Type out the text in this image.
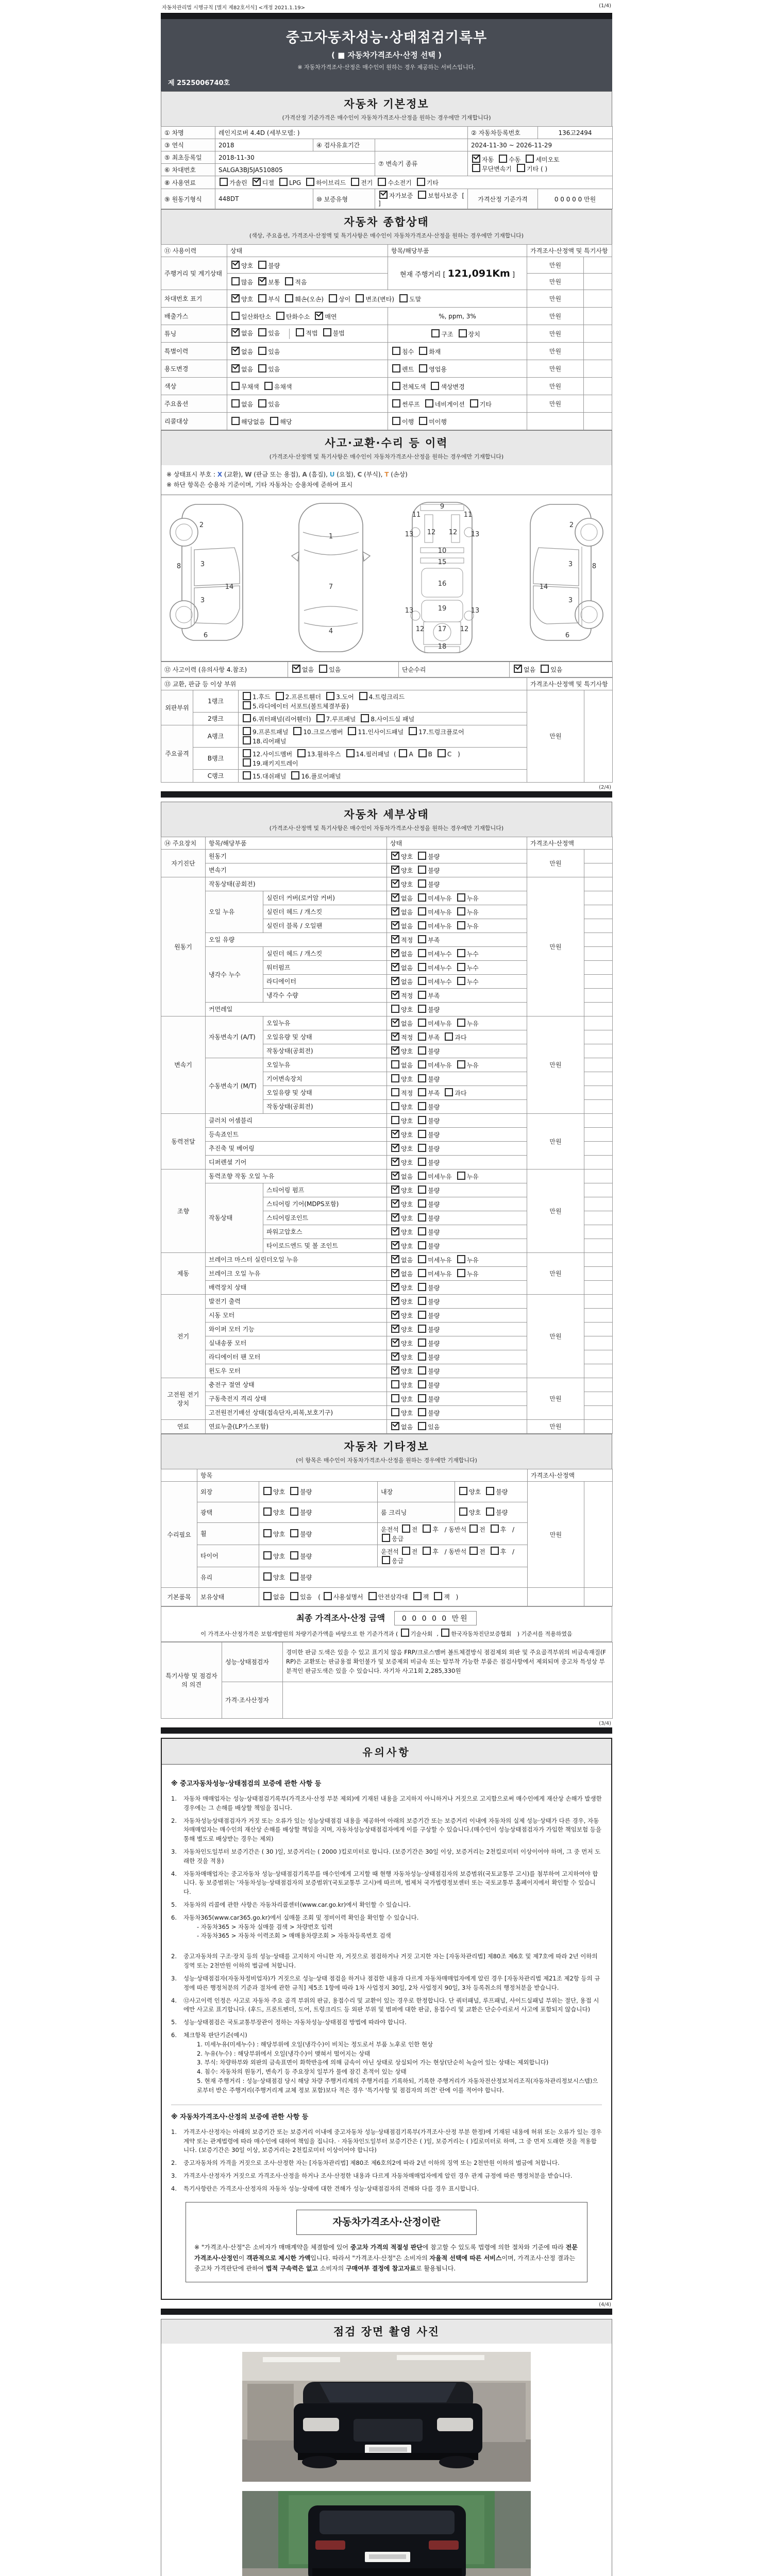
자동차관리법 시행규칙 [별지 제82호서식] <개정 2021.1.19>	(1/4)
중고자동차성능·상태점검기록부
( ■ 자동차가격조사·산정 선택 )
※ 자동차가격조사·산정은 매수인이 원하는 경우 제공하는 서비스입니다.
제 2525006740호
자동차 기본정보
(가격산정 기준가격은 매수인이 자동차가격조사·산정을 원하는 경우에만 기재합니다)
① 차명	레인지로버 4.4D (세부모델: )			② 자동차등록번호	136고2494
③ 연식	2018	④ 검사유효기간		2024-11-30 ~ 2026-11-29	
⑤ 최초등록일	2018-11-30		⑦ 변속기 종류	자동 수동 세미오토
무단변속기 기타 ( )	
⑥ 차대번호	SALGA3BJ5JA510805				
⑧ 사용연료	가솔린 디젤 LPG 하이브리드 전기 수소전기 기타				
⑨ 원동기형식	448DT	⑩ 보증유형	자가보증 보험사보증 [ ]	가격산정 기준가격	0 0 0 0 0 만원
자동차 종합상태
(색상, 주요옵션, 가격조사·산정액 및 특기사항은 매수인이 자동차가격조사·산정을 원하는 경우에만 기재합니다)
⑪ 사용이력	상태	항목/해당부품	가격조사·산정액 및 특기사항	
주행거리 및 계기상태	양호 불량	현재 주행거리 [ 121,091Km ]	만원	
	많음 보통 적음		만원	
차대번호 표기	양호 부식 훼손(오손) 상이 변조(변타) 도말		만원	
배출가스	일산화탄소 탄화수소 매연	%, ppm, 3%	만원	
튜닝	없음 있음 적법 불법	구조 장치	만원	
특별이력	없음 있음	침수 화재	만원	
용도변경	없음 있음	렌트 영업용	만원	
색상	무채색 유채색	전체도색 색상변경	만원	
주요옵션	없음 있음	썬루프 네비게이션 기타	만원	
리콜대상	해당없음 해당	이행 미이행		
사고·교환·수리 등 이력
(가격조사·산정액 및 특기사항은 매수인이 자동차가격조사·산정을 원하는 경우에만 기재합니다)
※ 상태표시 부호 : X (교환), W (판금 또는 용접), A (흠집), U (요철), C (부식), T (손상)
※ 하단 항목은 승용차 기준이며, 기타 자동차는 승용차에 준하여 표시
2
8	3
14
3
6
1
7
4
9
11	11
13	13
12 12
10
15
16
19
13	13
12	12
17
18
2
8
3
14
3
6
⑫ 사고이력 (유의사항 4.참조)	없음 있음	단순수리	없음 있음
⑬ 교환, 판금 등 이상 부위			가격조사·산정액 및 특기사항	
외판부위	1랭크	1.후드 2.프론트휀더 3.도어 4.트렁크리드
5.라디에이터 서포트(볼트체결부품)	만원	
	2랭크	6.쿼터패널(리어휀더) 7.루프패널 8.사이드실 패널		
주요골격	A랭크	9.프론트패널 10.크로스멤버 11.인사이드패널 17.트렁크플로어
18.리어패널		
	B랭크	12.사이드멤버 13.휠하우스 14.필러패널 ( A B C )
19.패키지트레이		
	C랭크	15.대쉬패널 16.플로어패널		
(2/4)
자동차 세부상태
(가격조사·산정액 및 특기사항은 매수인이 자동차가격조사·산정을 원하는 경우에만 기재합니다)
⑭ 주요장치	항목/해당부품		상태	가격조사·산정액	
자기진단	원동기		양호 불량	만원	
	변속기		양호 불량		
원동기	작동상태(공회전)		양호 불량	만원	
	오일 누유	실린더 커버(로커암 커버)	없음 미세누유 누유		
		실린더 헤드 / 개스킷	없음 미세누유 누유		
		실린더 블록 / 오일팬	없음 미세누유 누유		
	오일 유량		적정 부족		
	냉각수 누수	실린더 헤드 / 개스킷	없음 미세누수 누수		
		워터펌프	없음 미세누수 누수		
		라디에이터	없음 미세누수 누수		
		냉각수 수량	적정 부족		
	커먼레일		양호 불량		
변속기	자동변속기 (A/T)	오일누유	없음 미세누유 누유	만원	
		오일유량 및 상태	적정 부족 과다		
		작동상태(공회전)	양호 불량		
	수동변속기 (M/T)	오일누유	없음 미세누유 누유		
		기어변속장치	양호 불량		
		오일유량 및 상태	적정 부족 과다		
		작동상태(공회전)	양호 불량		
동력전달	클러치 어셈블리		양호 불량	만원	
	등속죠인트		양호 불량		
	추진축 및 베어링		양호 불량		
	디퍼렌셜 기어		양호 불량		
조향	동력조향 작동 오일 누유		없음 미세누유 누유	만원	
	작동상태	스티어링 펌프	양호 불량		
		스티어링 기어(MDPS포함)	양호 불량		
		스티어링조인트	양호 불량		
		파워고압호스	양호 불량		
		타이로드엔드 및 볼 조인트	양호 불량		
제동	브레이크 마스터 실린더오일 누유		없음 미세누유 누유	만원	
	브레이크 오일 누유		없음 미세누유 누유		
	배력장치 상태		양호 불량		
전기	발전기 출력		양호 불량	만원	
	시동 모터		양호 불량		
	와이퍼 모터 기능		양호 불량		
	실내송풍 모터		양호 불량		
	라디에이터 팬 모터		양호 불량		
	윈도우 모터		양호 불량		
고전원 전기장치	충전구 절연 상태		양호 불량	만원	
	구동축전지 격리 상태		양호 불량		
	고전원전기배선 상태(접속단자,피복,보호기구)		양호 불량		
연료	연료누출(LP가스포함)		없음 있음	만원	
자동차 기타정보
(이 항목은 매수인이 자동차가격조사·산정을 원하는 경우에만 기재합니다)
	항목				가격조사·산정액	
수리필요	외장	양호 불량	내장	양호 불량	만원	
	광택	양호 불량	룸 크리닝	양호 불량		
	휠	양호 불량	운전석 전 후 / 동반석 전 후 / 응급			
	타이어	양호 불량	운전석 전 후 / 동반석 전 후 / 응급			
	유리	양호 불량				
기본품목	보유상태	없음 있음 ( 사용설명서 안전삼각대 잭 잭 )				
최종 가격조사·산정 금액 0 0 0 0 0 만원
이 가격조사·산정가격은 보험개발원의 차량기준가액을 바탕으로 한 기준가격과 ( 기술사회 , 한국자동차진단보증협회 ) 기준서를 적용하였음
특기사항 및 점검자의 의견	성능·상태점검자	경미한 판금 도색은 있을 수 있고 표기치 않음 FRP/크로스멤버 볼트체결방식 점검제외 외판 및 주요골격부위의 비금속재질(FRP)은 교환또는 판금용접 확인불가 및 보증제외 비금속 또는 탈부착 가능한 부품은 점검사항에서 제외되며 중고차 특성상 부분적인 판금도색은 있을 수 있습니다. 자기차 사고1회 2,285,330원
	가격·조사산정자	
(3/4)
유의사항
※ 중고자동차성능·상태점검의 보증에 관한 사항 등
1.	자동차 매매업자는 성능·상태점검기록부(가격조사·산정 부분 제외)에 기재된 내용을 고지하지 아니하거나 거짓으로 고지함으로써 매수인에게 재산상 손해가 발생한 경우에는 그 손해를 배상할 책임을 집니다.
2.	자동차성능상태점검자가 거짓 또는 오류가 있는 성능상태점검 내용을 제공하여 아래의 보증기간 또는 보증거리 이내에 자동차의 실제 성능·상태가 다른 경우, 자동차매매업자는 매수인의 재산상 손해를 배상할 책임을 지며, 자동차성능상태점검자에게 이를 구상할 수 있습니다.(매수인이 성능상태점검자가 가입한 책임보험 등을 통해 별도로 배상받는 경우는 제외)
3.	자동차인도일부터 보증기간은 ( 30 )일, 보증거리는 ( 2000 )킬로미터로 합니다. (보증기간은 30일 이상, 보증거리는 2천킬로미터 이상이어야 하며, 그 중 먼저 도래한 것을 적용)
4.	자동차매매업자는 중고자동차 성능·상태점검기록부를 매수인에게 고지할 때 현행 자동차성능·상태점검자의 보증범위(국토교통부 고시)를 첨부하여 고지하여야 합니다. 동 보증범위는 '자동차성능·상태점검자의 보증범위'(국토교통부 고시)에 따르며, 법제처 국가법령정보센터 또는 국토교통부 홈페이지에서 확인할 수 있습니다.
5.	자동차의 리콜에 관한 사항은 자동차리콜센터(www.car.go.kr)에서 확인할 수 있습니다.
6.	자동차365(www.car365.go.kr)에서 실매물 조회 및 정비이력 확인을 확인할 수 있습니다.
- 자동차365 > 자동차 실매물 검색 > 차량번호 입력
- 자동차365 > 자동차 이력조회 > 매매용차량조회 > 자동차등록번호 검색
2.	중고자동차의 구조·장치 등의 성능·상태를 고지하지 아니한 자, 거짓으로 점검하거나 거짓 고지한 자는 [자동차관리법] 제80조 제6호 및 제7호에 따라 2년 이하의 징역 또는 2천만원 이하의 벌금에 처합니다.
3.	성능·상태점검자(자동차정비업자)가 거짓으로 성능·상태 점검을 하거나 점검한 내용과 다르게 자동차매매업자에게 알린 경우 [자동차관리법 제21조 제2항 등의 규정에 따른 행정처분의 기준과 절차에 관한 규칙] 제5조 1항에 따라 1차 사업정지 30일, 2차 사업정지 90일, 3차 등록취소의 행정처분을 받습니다.
4.	⑫사고이력 인정은 사고로 자동차 주요 골격 부위의 판금, 용접수리 및 교환이 있는 경우로 한정합니다. 단 쿼터패널, 루프패널, 사이드실패널 부위는 절단, 용접 시에만 사고로 표기합니다. (후드, 프론트펜더, 도어, 트렁크리드 등 외판 부위 및 범퍼에 대한 판금, 용접수리 및 교환은 단순수리로서 사고에 포함되지 않습니다)
5.	성능·상태점검은 국토교통부장관이 정하는 자동차성능·상태점검 방법에 따라야 합니다.
6.	체크항목 판단기준(예시)
1. 미세누유(미세누수) : 해당부위에 오일(냉각수)이 비치는 정도로서 부품 노후로 인한 현상
2. 누유(누수) : 해당부위에서 오일(냉각수)이 맺혀서 떨어지는 상태
3. 부식: 차량하부와 외판의 금속표면이 화학반응에 의해 금속이 아닌 상태로 상실되어 가는 현상(단순히 녹슬어 있는 상태는 제외합니다)
4. 침수: 자동차의 원동기, 변속기 등 주요장치 일부가 물에 잠긴 흔적이 있는 상태
5. 현재 주행거리 : 성능·상태점검 당시 해당 차량 주행거리계의 주행거리를 기록하되, 기록한 주행거리가 자동차전산정보처리조직(자동차관리정보시스템)으로부터 받은 주행거리(주행거리계 교체 정보 포함)보다 적은 경우 '특기사항 및 점검자의 의견' 란에 이를 적어야 합니다.
※ 자동차가격조사·산정의 보증에 관한 사항 등
1.	가격조사·산정자는 아래의 보증기간 또는 보증거리 이내에 중고자동차 성능·상태점검기록부(가격조사·산정 부분 한정)에 기재된 내용에 허위 또는 오류가 있는 경우 계약 또는 관계법령에 따라 매수인에 대하여 책임을 집니다. · 자동차인도일부터 보증기간은 ( )일, 보증거리는 ( )킬로미터로 하며, 그 중 먼저 도래한 것을 적용합니다. (보증기간은 30일 이상, 보증거리는 2천킬로미터 이상이어야 합니다)
2.	중고자동차의 가격을 거짓으로 조사·산정한 자는 [자동차관리법] 제80조 제6호의2에 따라 2년 이하의 징역 또는 2천만원 이하의 벌금에 처합니다.
3.	가격조사·산정자가 거짓으로 가격조사·산정을 하거나 조사·산정한 내용과 다르게 자동차매매업자에게 알린 경우 관계 규정에 따른 행정처분을 받습니다.
4.	특기사항란은 가격조사·산정자의 자동차 성능·상태에 대한 견해가 성능·상태점검자의 견해와 다를 경우 표시합니다.
자동차가격조사·산정이란
※ "가격조사·산정"은 소비자가 매매계약을 체결함에 있어 중고차 가격의 적절성 판단에 참고할 수 있도록 법령에 의한 절차와 기준에 따라 전문 가격조사·산정인이 객관적으로 제시한 가액입니다. 따라서 "가격조사·산정"은 소비자의 자율적 선택에 따른 서비스이며, 가격조사·산정 결과는 중고차 가격판단에 관하여 법적 구속력은 없고 소비자의 구매여부 결정에 참고자료로 활용됩니다.
(4/4)
점검 장면 촬영 사진
